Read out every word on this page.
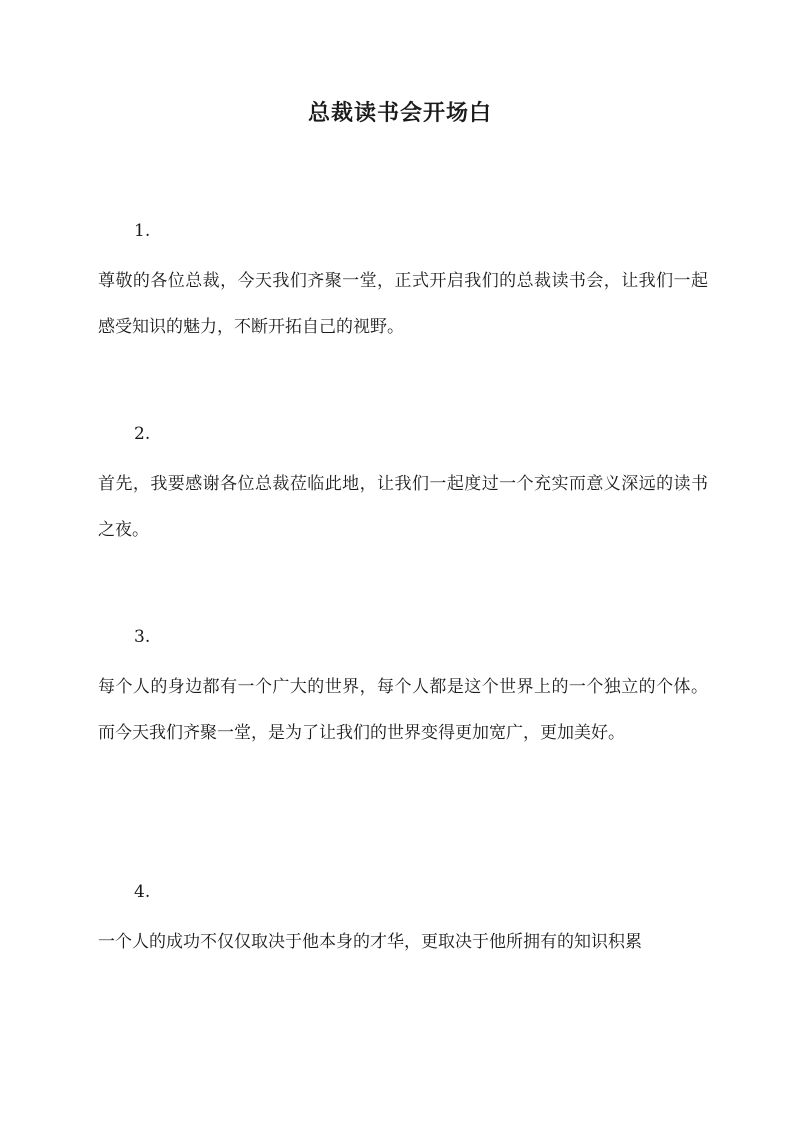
总裁读书会开场白

1.

尊敬的各位总裁，今天我们齐聚一堂，正式开启我们的总裁读书会，让我们一起感受知识的魅力，不断开拓自己的视野。

2.

首先，我要感谢各位总裁莅临此地，让我们一起度过一个充实而意义深远的读书之夜。

3.

每个人的身边都有一个广大的世界，每个人都是这个世界上的一个独立的个体。而今天我们齐聚一堂，是为了让我们的世界变得更加宽广，更加美好。

4.

一个人的成功不仅仅取决于他本身的才华，更取决于他所拥有的知识积累
